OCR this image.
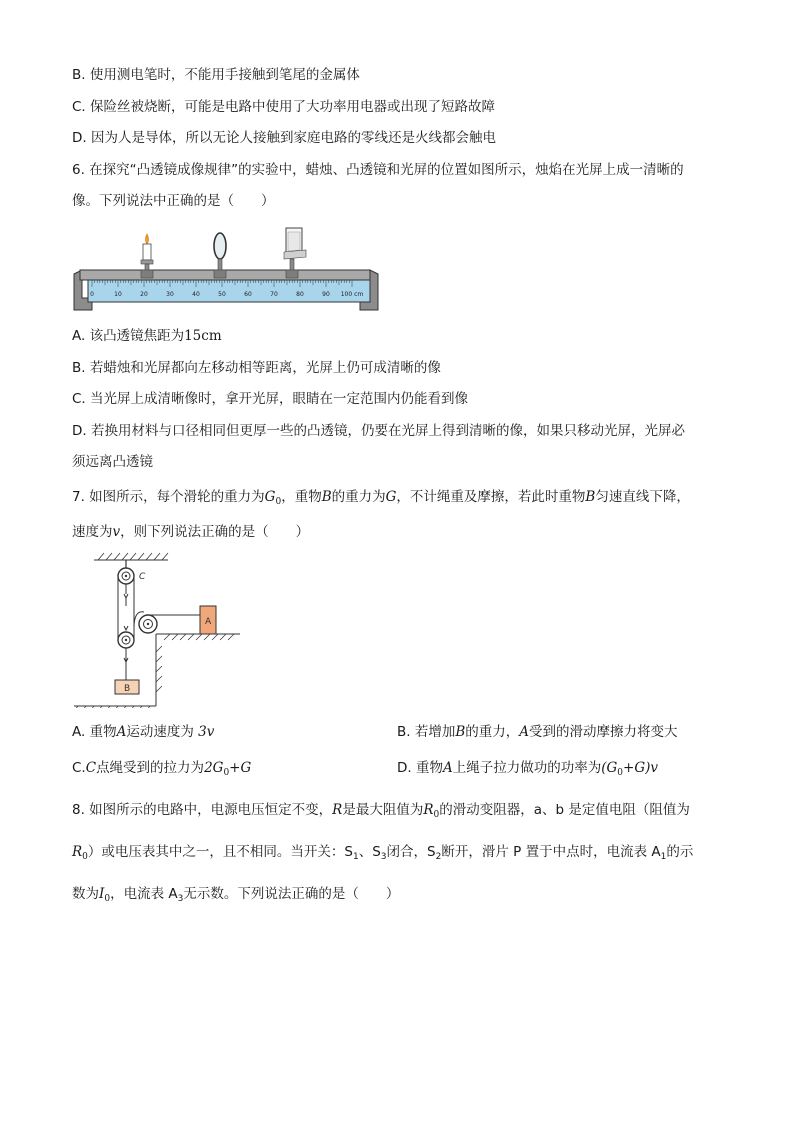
B. 使用测电笔时，不能用手接触到笔尾的金属体
C. 保险丝被烧断，可能是电路中使用了大功率用电器或出现了短路故障
D. 因为人是导体，所以无论人接触到家庭电路的零线还是火线都会触电
6. 在探究“凸透镜成像规律”的实验中，蜡烛、凸透镜和光屏的位置如图所示，烛焰在光屏上成一清晰的
像。下列说法中正确的是（　　）
0	10	20	30	40	50	60	70	80	90 100 cm
A. 该凸透镜焦距为15cm
B. 若蜡烛和光屏都向左移动相等距离，光屏上仍可成清晰的像
C. 当光屏上成清晰像时，拿开光屏，眼睛在一定范围内仍能看到像
D. 若换用材料与口径相同但更厚一些的凸透镜，仍要在光屏上得到清晰的像，如果只移动光屏，光屏必
须远离凸透镜
7. 如图所示，每个滑轮的重力为$G_0$，重物B的重力为G，不计绳重及摩擦，若此时重物B匀速直线下降，
速度为v，则下列说法正确的是（　　）
C
B
A
A. 重物A运动速度为 3v	B. 若增加B的重力，A受到的滑动摩擦力将变大
C.C点绳受到的拉力为$2G_0+G$	D. 重物A上绳子拉力做功的功率为$(G_0+G)v$
8. 如图所示的电路中，电源电压恒定不变，R是最大阻值为$R_0$的滑动变阻器，a、b 是定值电阻（阻值为
$R_0$）或电压表其中之一，且不相同。当开关：$S_1$、$S_3$闭合，$S_2$断开，滑片 P 置于中点时，电流表 $A_1$的示
数为$I_0$，电流表 $A_3$无示数。下列说法正确的是（　　）
